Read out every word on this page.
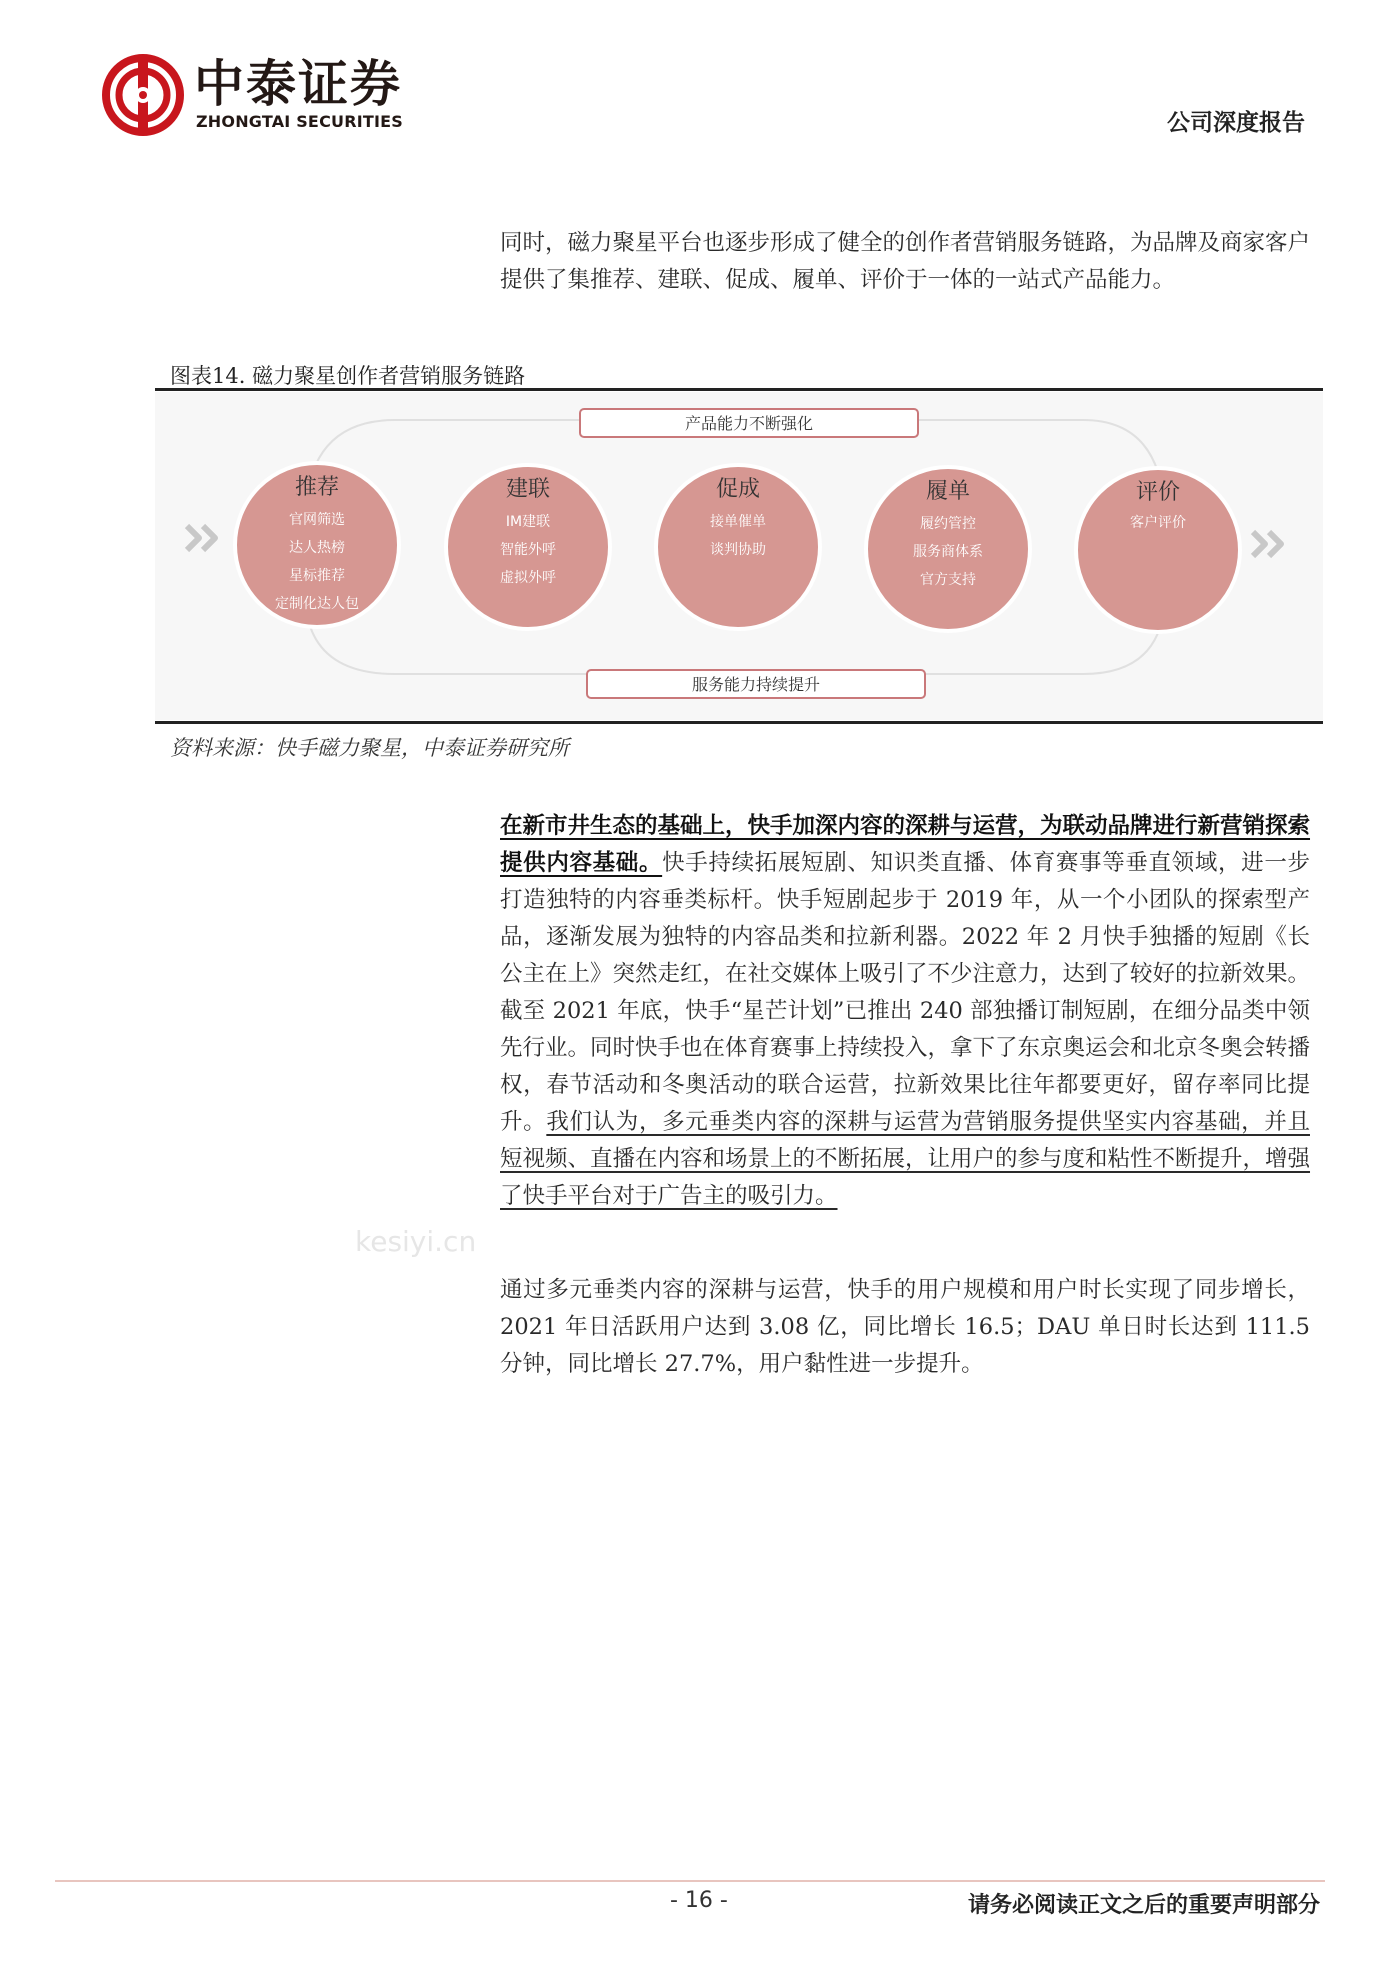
中泰证券
ZHONGTAI SECURITIES	公司深度报告
kesiyi.cn
同时，磁力聚星平台也逐步形成了健全的创作者营销服务链路，为品牌及商家客户提供了集推荐、建联、促成、履单、评价于一体的一站式产品能力。
图表14. 磁力聚星创作者营销服务链路
产品能力不断强化
服务能力持续提升
推荐
官网筛选
达人热榜
星标推荐
定制化达人包
建联
IM建联
智能外呼
虚拟外呼
促成
接单催单
谈判协助
履单
履约管控
服务商体系
官方支持
评价
客户评价
资料来源：快手磁力聚星，中泰证券研究所
在新市井生态的基础上，快手加深内容的深耕与运营，为联动品牌进行新营销探索提供内容基础。快手持续拓展短剧、知识类直播、体育赛事等垂直领域，进一步打造独特的内容垂类标杆。快手短剧起步于 2019 年，从一个小团队的探索型产品，逐渐发展为独特的内容品类和拉新利器。2022 年 2 月快手独播的短剧《长公主在上》突然走红，在社交媒体上吸引了不少注意力，达到了较好的拉新效果。截至 2021 年底，快手“星芒计划”已推出 240 部独播订制短剧，在细分品类中领先行业。同时快手也在体育赛事上持续投入，拿下了东京奥运会和北京冬奥会转播权，春节活动和冬奥活动的联合运营，拉新效果比往年都要更好，留存率同比提升。我们认为，多元垂类内容的深耕与运营为营销服务提供坚实内容基础，并且短视频、直播在内容和场景上的不断拓展，让用户的参与度和粘性不断提升，增强了快手平台对于广告主的吸引力。
通过多元垂类内容的深耕与运营，快手的用户规模和用户时长实现了同步增长，2021 年日活跃用户达到 3.08 亿，同比增长 16.5；DAU 单日时长达到 111.5 分钟，同比增长 27.7%，用户黏性进一步提升。
- 16 -	请务必阅读正文之后的重要声明部分
